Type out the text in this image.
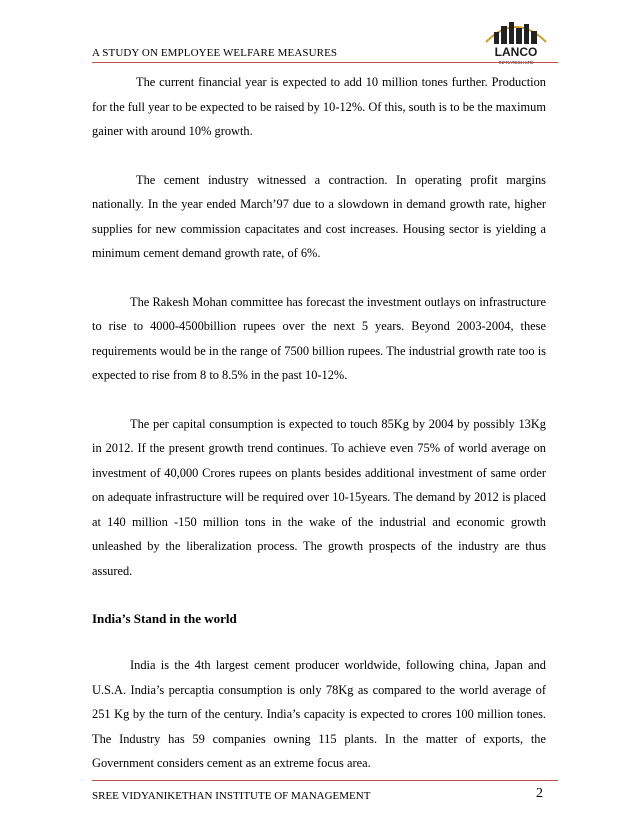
A STUDY ON EMPLOYEE WELFARE MEASURES	LANCO
INFRATECH LTD

The current financial year is expected to add 10 million tones further. Production for the full year to be expected to be raised by 10-12%. Of this, south is to be the maximum gainer with around 10% growth.

The cement industry witnessed a contraction. In operating profit margins nationally. In the year ended March’97 due to a slowdown in demand growth rate, higher supplies for new commission capacitates and cost increases. Housing sector is yielding a minimum cement demand growth rate, of 6%.

The Rakesh Mohan committee has forecast the investment outlays on infrastructure to rise to 4000-4500billion rupees over the next 5 years. Beyond 2003-2004, these requirements would be in the range of 7500 billion rupees. The industrial growth rate too is expected to rise from 8 to 8.5% in the past 10-12%.

The per capital consumption is expected to touch 85Kg by 2004 by possibly 13Kg in 2012. If the present growth trend continues. To achieve even 75% of world average on investment of 40,000 Crores rupees on plants besides additional investment of same order on adequate infrastructure will be required over 10-15years. The demand by 2012 is placed at 140 million -150 million tons in the wake of the industrial and economic growth unleashed by the liberalization process. The growth prospects of the industry are thus assured.

India’s Stand in the world

India is the 4th largest cement producer worldwide, following china, Japan and U.S.A. India’s percaptia consumption is only 78Kg as compared to the world average of 251 Kg by the turn of the century. India’s capacity is expected to crores 100 million tones. The Industry has 59 companies owning 115 plants. In the matter of exports, the Government considers cement as an extreme focus area.

SREE VIDYANIKETHAN INSTITUTE OF MANAGEMENT	2
